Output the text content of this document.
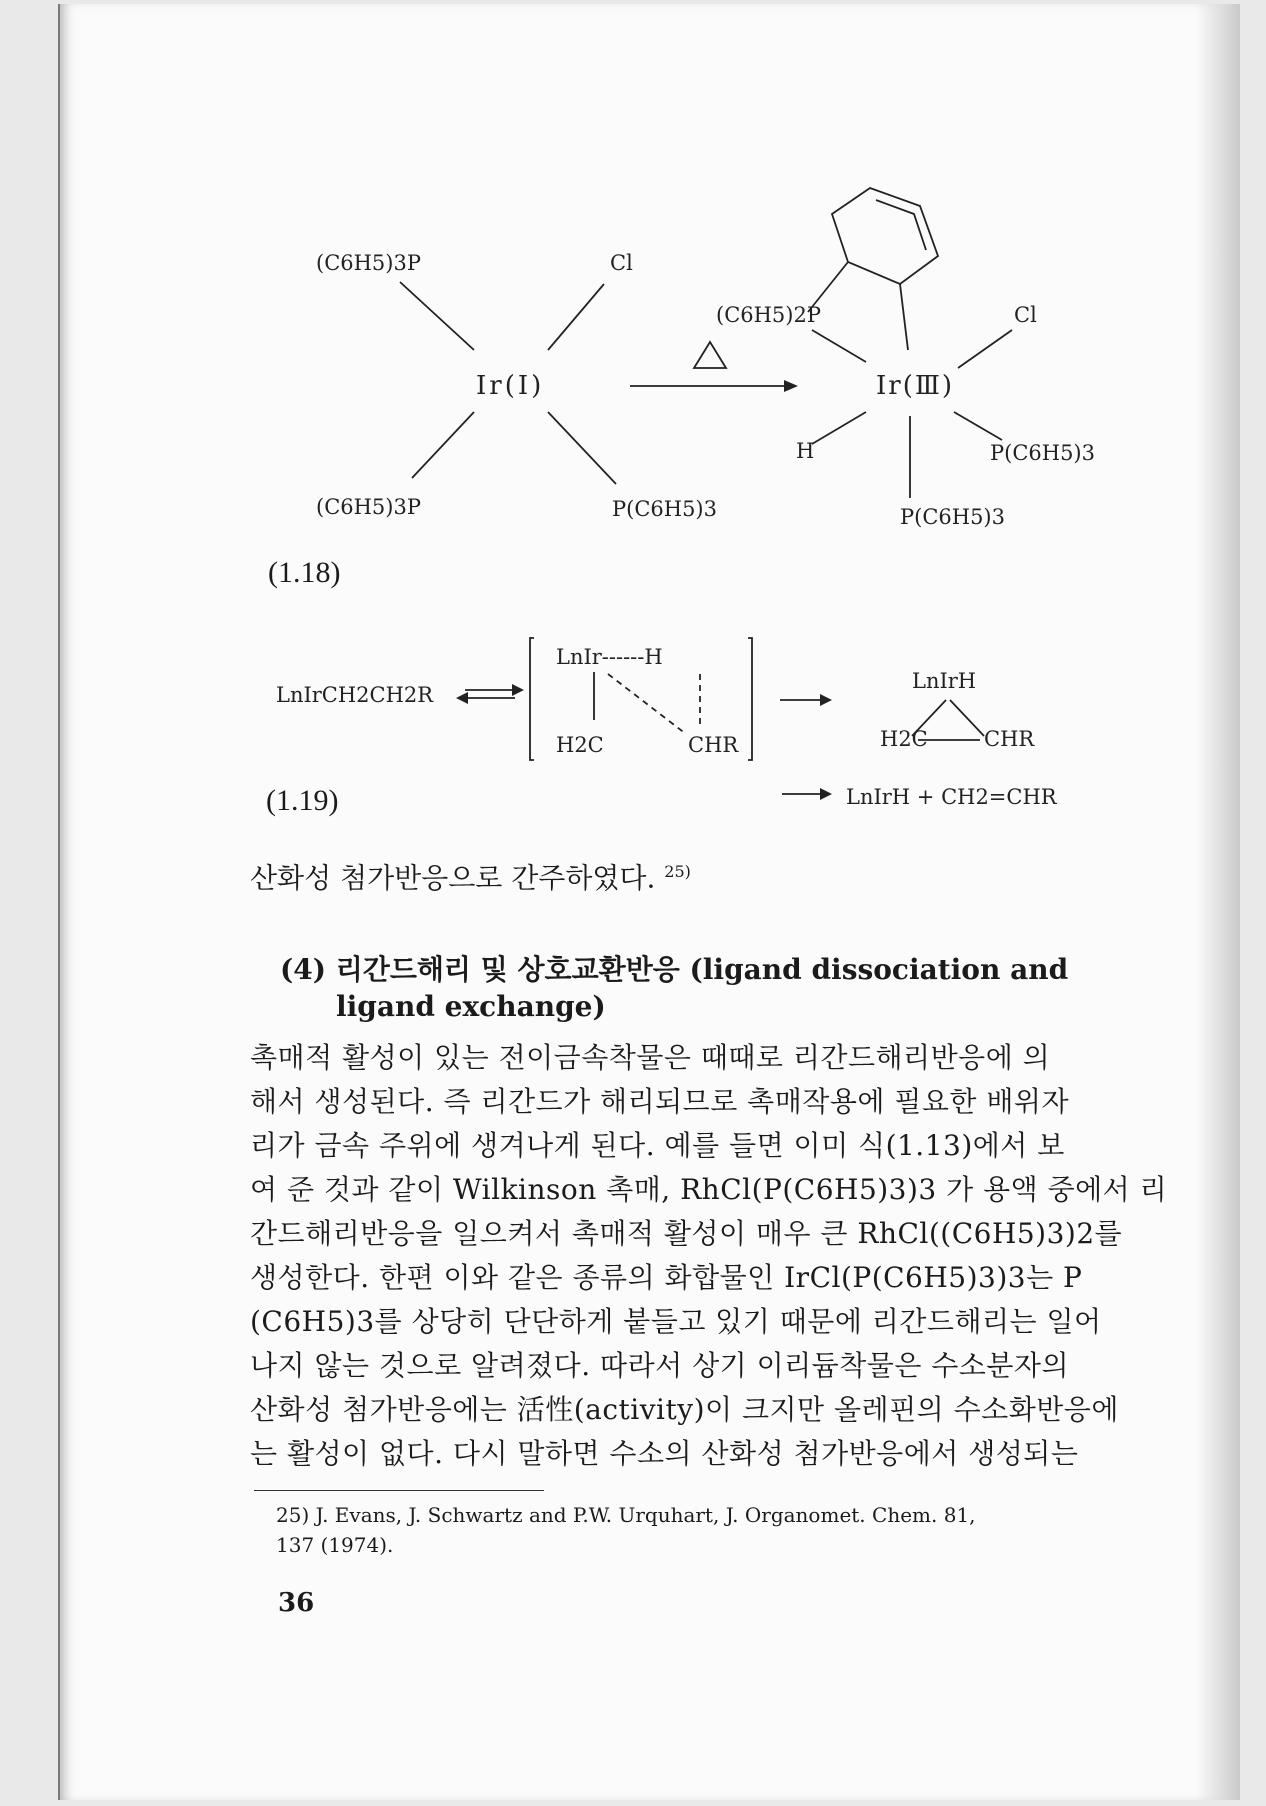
(C6H5)3P	Cl
Ir(I)
(C6H5)3P	P(C6H5)3
(C6H5)2P	Cl
Ir(Ⅲ)
H	P(C6H5)3
P(C6H5)3
LnIrCH2CH2R
LnIr------H
H2C	CHR
LnIrH
H2C	CHR
LnIrH + CH2=CHR
(1.18)
(1.19)
산화성 첨가반응으로 간주하였다. $^{25)}$
(4) 리간드해리 및 상호교환반응 (ligand dissociation and
ligand exchange)
촉매적 활성이 있는 전이금속착물은 때때로 리간드해리반응에 의
해서 생성된다. 즉 리간드가 해리되므로 촉매작용에 필요한 배위자
리가 금속 주위에 생겨나게 된다. 예를 들면 이미 식(1.13)에서 보
여 준 것과 같이 Wilkinson 촉매, RhCl(P(C6H5)3)3 가 용액 중에서 리
간드해리반응을 일으켜서 촉매적 활성이 매우 큰 RhCl((C6H5)3)2를
생성한다. 한편 이와 같은 종류의 화합물인 IrCl(P(C6H5)3)3는 P
(C6H5)3를 상당히 단단하게 붙들고 있기 때문에 리간드해리는 일어
나지 않는 것으로 알려졌다. 따라서 상기 이리듐착물은 수소분자의
산화성 첨가반응에는 活性(activity)이 크지만 올레핀의 수소화반응에
는 활성이 없다. 다시 말하면 수소의 산화성 첨가반응에서 생성되는
25) J. Evans, J. Schwartz and P.W. Urquhart, J. Organomet. Chem. 81,
137 (1974).
36
